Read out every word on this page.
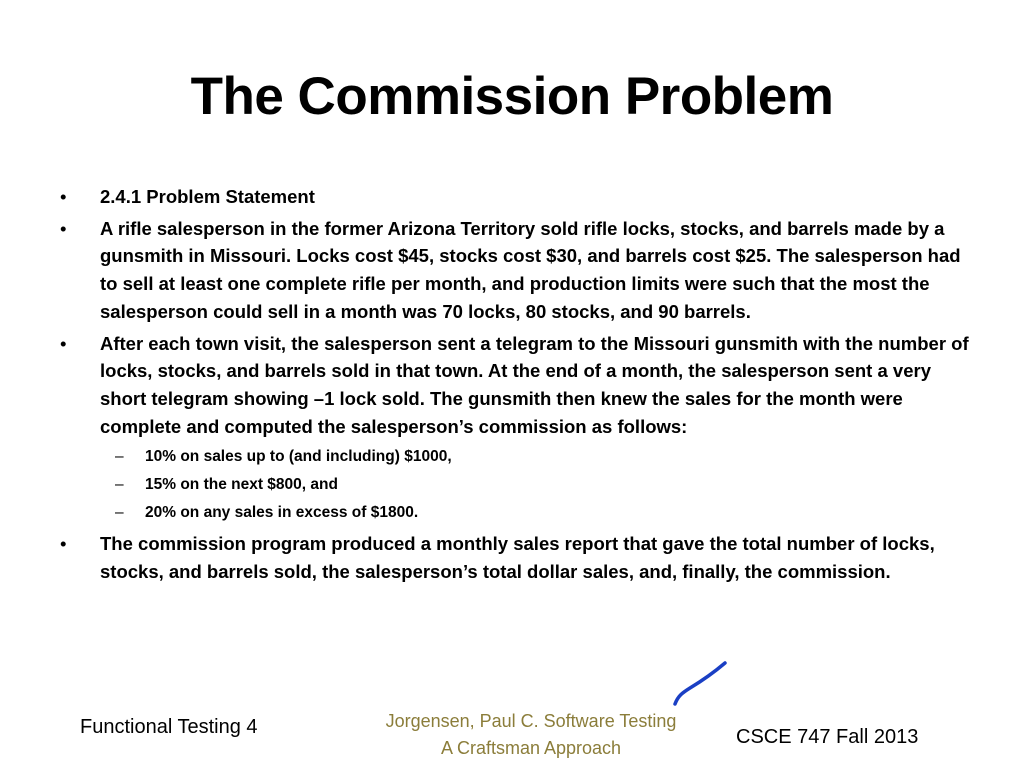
The Commission Problem
• 2.4.1 Problem Statement
• A rifle salesperson in the former Arizona Territory sold rifle locks, stocks, and barrels made by a gunsmith in Missouri. Locks cost $45, stocks cost $30, and barrels cost $25. The salesperson had to sell at least one complete rifle per month, and production limits were such that the most the salesperson could sell in a month was 70 locks, 80 stocks, and 90 barrels.
• After each town visit, the salesperson sent a telegram to the Missouri gunsmith with the number of locks, stocks, and barrels sold in that town. At the end of a month, the salesperson sent a very short telegram showing –1 lock sold. The gunsmith then knew the sales for the month were complete and computed the salesperson’s commission as follows:
– 10% on sales up to (and including) $1000,
– 15% on the next $800, and
– 20% on any sales in excess of $1800.
• The commission program produced a monthly sales report that gave the total number of locks, stocks, and barrels sold, the salesperson’s total dollar sales, and, finally, the commission.
Functional Testing 4	Jorgensen, Paul C. Software Testing
A Craftsman Approach	CSCE 747 Fall 2013
